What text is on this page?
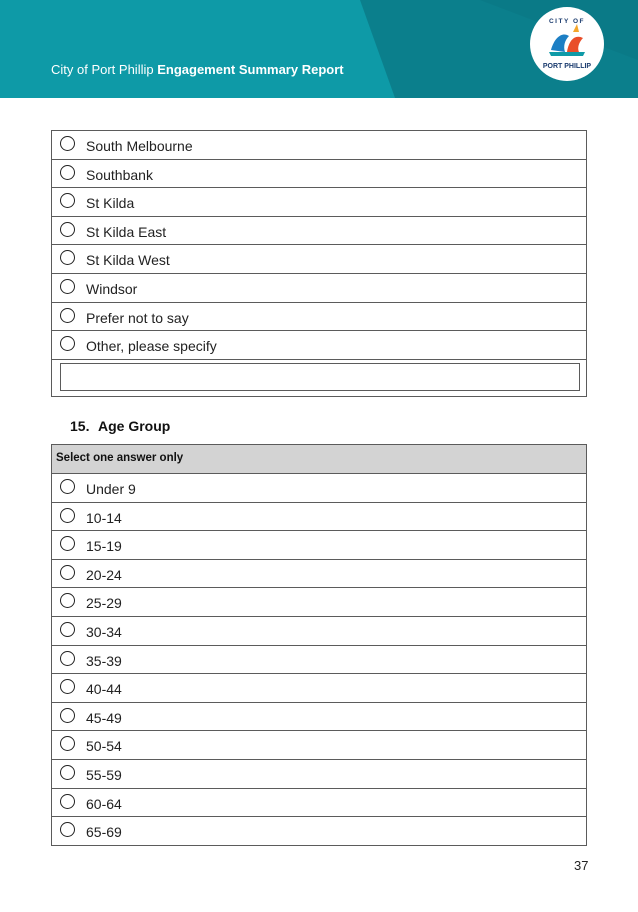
City of Port Phillip Engagement Summary Report
CITY OF
PORT PHILLIP
South Melbourne
Southbank
St Kilda
St Kilda East
St Kilda West
Windsor
Prefer not to say
Other, please specify
15. Age Group
Select one answer only
Under 9
10-14
15-19
20-24
25-29
30-34
35-39
40-44
45-49
50-54
55-59
60-64
65-69
37
